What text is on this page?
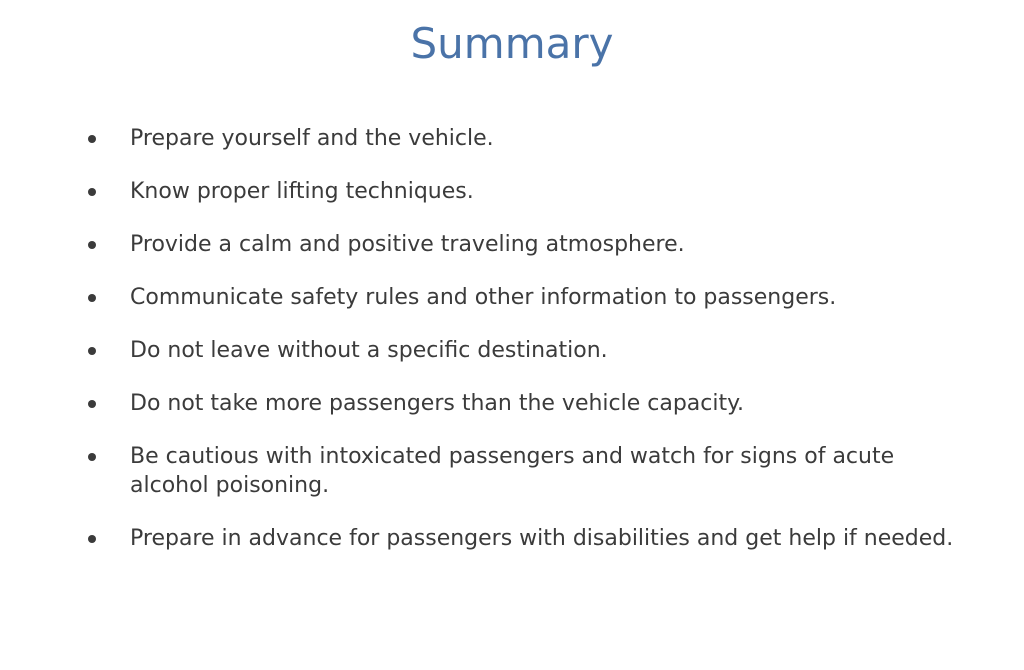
Summary
Prepare yourself and the vehicle.
Know proper lifting techniques.
Provide a calm and positive traveling atmosphere.
Communicate safety rules and other information to passengers.
Do not leave without a specific destination.
Do not take more passengers than the vehicle capacity.
Be cautious with intoxicated passengers and watch for signs of acute alcohol poisoning.
Prepare in advance for passengers with disabilities and get help if needed.
